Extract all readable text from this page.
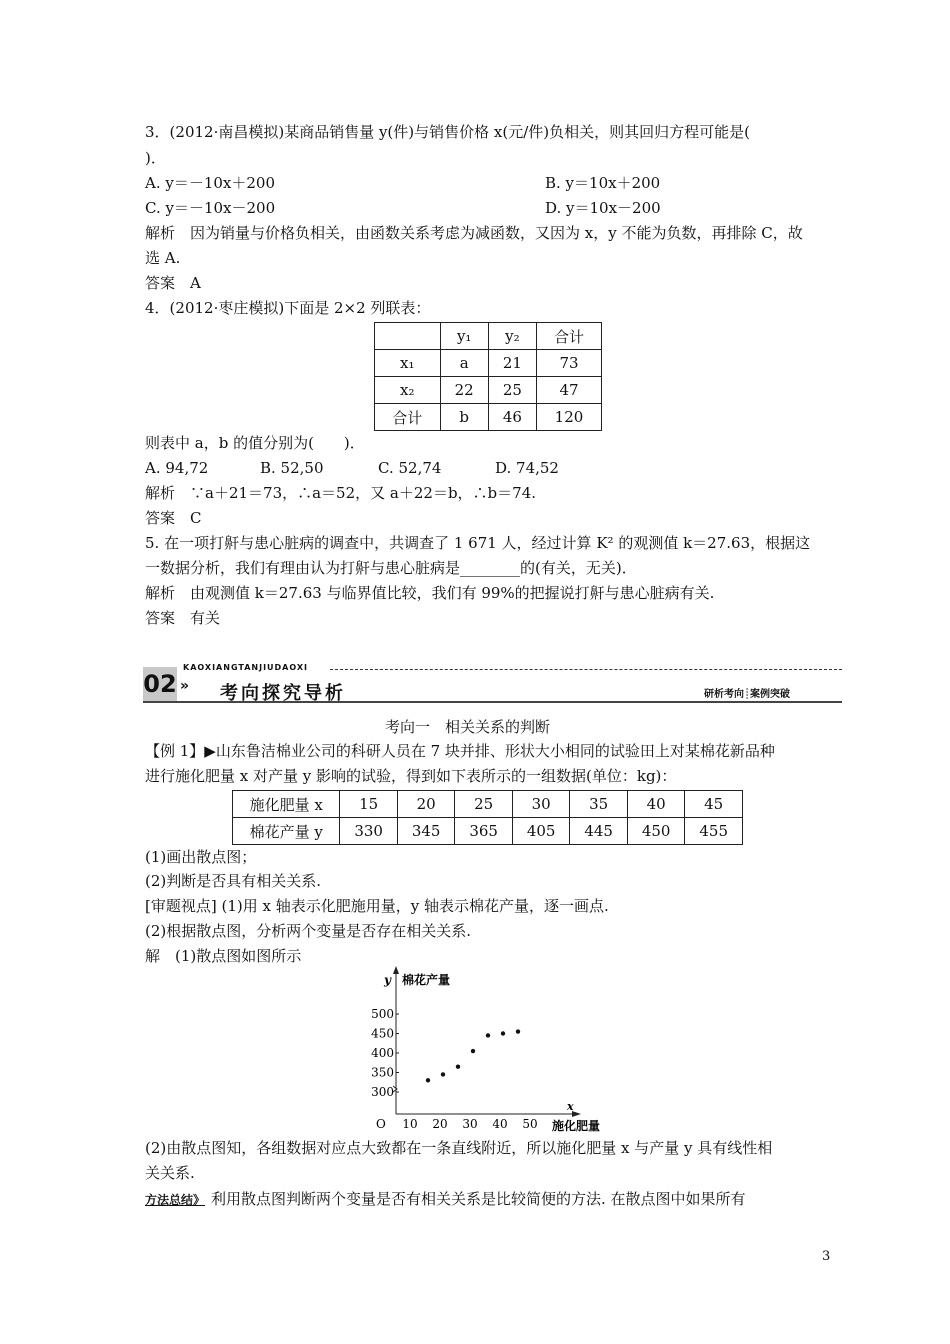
3．(2012·南昌模拟)某商品销售量 y(件)与销售价格 x(元/件)负相关，则其回归方程可能是(
)．
A. y＝－10x＋200	B. y＝10x＋200
C. y＝－10x－200	D. y＝10x－200
解析　因为销量与价格负相关，由函数关系考虑为减函数，又因为 x，y 不能为负数，再排除 C，故
选 A.
答案　A
4．(2012·枣庄模拟)下面是 2×2 列联表：
	y₁	y₂	合计
x₁	a	21	73
x₂	22	25	47
合计	b	46	120
则表中 a，b 的值分别为(　　)．
A. 94,72	B. 52,50	C. 52,74	D. 74,52
解析　∵a＋21＝73，∴a＝52，又 a＋22＝b，∴b＝74.
答案　C
5. 在一项打鼾与患心脏病的调查中，共调查了 1 671 人，经过计算 K² 的观测值 k＝27.63，根据这
一数据分析，我们有理由认为打鼾与患心脏病是________的(有关，无关)．
解析　由观测值 k＝27.63 与临界值比较，我们有 99%的把握说打鼾与患心脏病有关.
答案　有关
02
KAOXIANGTANJIUDAOXI
» 考向探究导析	研析考向┊案例突破
考向一　相关关系的判断
【例 1】▶山东鲁洁棉业公司的科研人员在 7 块并排、形状大小相同的试验田上对某棉花新品种
进行施化肥量 x 对产量 y 影响的试验，得到如下表所示的一组数据(单位：kg)：
施化肥量 x	15	20	25	30	35	40	45
棉花产量 y	330	345	365	405	445	450	455
(1)画出散点图；
(2)判断是否具有相关关系.
[审题视点] (1)用 x 轴表示化肥施用量，y 轴表示棉花产量，逐一画点.
(2)根据散点图，分析两个变量是否存在相关关系.
解　(1)散点图如图所示
y 棉花产量
x
施化肥量
O
500
450
400
350
300
10 20 30 40 50
(2)由散点图知，各组数据对应点大致都在一条直线附近，所以施化肥量 x 与产量 y 具有线性相
关关系.
方法总结》 利用散点图判断两个变量是否有相关关系是比较简便的方法. 在散点图中如果所有
3
